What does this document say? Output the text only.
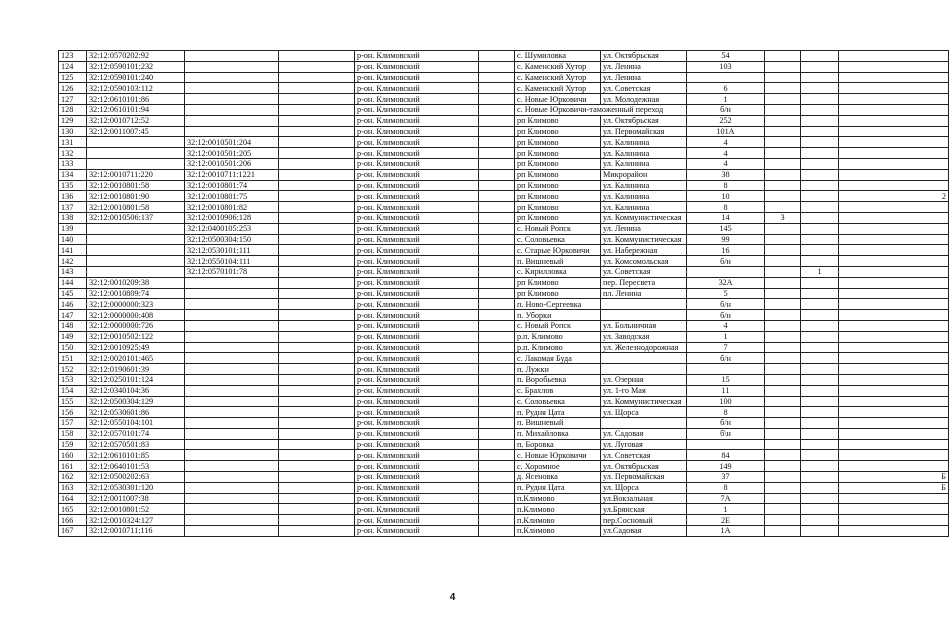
123	32:12:0570202:92			р-он. Климовский		с. Шумиловка	ул. Октябрьская	54			
124	32:12:0590101:232			р-он. Климовский		с. Каменский Хутор	ул. Ленина	103			
125	32:12:0590101:240			р-он. Климовский		с. Каменский Хутор	ул. Ленина				
126	32:12:0590103:112			р-он. Климовский		с. Каменский Хутор	ул. Советская	6			
127	32:12:0610101:86			р-он. Климовский		с. Новые Юрковичи	ул. Молодежная	1			
128	32:12:0610101:94			р-он. Климовский		с. Новые Юрковичи-таможенный переход		б/н			
129	32:12:0010712:52			р-он. Климовский		рп Климово	ул. Октябрьская	252			
130	32:12:0011007:45			р-он. Климовский		рп Климово	ул. Первомайская	101А			
131		32:12:0010501:204		р-он. Климовский		рп Климово	ул. Калинина	4			
132		32:12:0010501:205		р-он. Климовский		рп Климово	ул. Калинина	4			
133		32:12:0010501:206		р-он. Климовский		рп Климово	ул. Калинина	4			
134	32:12:0010711:220	32:12:0010711:1221		р-он. Климовский		рп Климово	Микрорайон	38			
135	32:12:0010801:58	32:12:0010801:74		р-он. Климовский		рп Климово	ул. Калинина	8			
136	32:12:0010801:90	32:12:0010801:75		р-он. Климовский		рп Климово	ул. Калинина	10			2
137	32:12:0010801:58	32:12:0010801:82		р-он. Климовский		рп Климово	ул. Калинина	8			
138	32:12:0010506:137	32:12:0010906:128		р-он. Климовский		рп Климово	ул. Коммунистическая	14	3		
139		32:12:0400105:253		р-он. Климовский		с. Новый Ропск	ул. Ленина	145			
140		32:12:0500304:150		р-он. Климовский		с. Соловьевка	ул. Коммунистическая	99			
141		32:12:0530101:111		р-он. Климовский		с. Старые Юрковичи	ул. Набережная	16			
142		32:12:0550104:111		р-он. Климовский		п. Вишневый	ул. Комсомольская	б/н			
143		32:12:0570101:78		р-он. Климовский		с. Кирилловка	ул. Советская			1	
144	32:12:0010209:38			р-он. Климовский		рп Климово	пер. Пересвета	32А			
145	32:12:0010809:74			р-он. Климовский		рп Климово	пл. Ленина	5			
146	32:12:0000000:323			р-он. Климовский		п. Ново-Сергеевка		б/н			
147	32:12:0000000:408			р-он. Климовский		п. Уборки		б/н			
148	32:12:0000000:726			р-он. Климовский		с. Новый Ропск	ул. Больничная	4			
149	32:12:0010502:122			р-он. Климовский		р.п. Климово	ул. Заводская	1			
150	32:12:0010925:49			р-он. Климовский		р.п. Климово	ул. Железнодорожная	7			
151	32:12:0020101:465			р-он. Климовский		с. Лакомая Буда		б/н			
152	32:12:0190601:39			р-он. Климовский		п. Лужки					
153	32:12:0250101:124			р-он. Климовский		п. Воробьевка	ул. Озерная	15			
154	32:12:0340104:36			р-он. Климовский		с. Брахлов	ул. 1-го Мая	11			
155	32:12:0500304:129			р-он. Климовский		с. Соловьевка	ул. Коммунистическая	100			
156	32:12:0530601:86			р-он. Климовский		п. Рудня Цата	ул. Щорса	8			
157	32:12:0550104:101			р-он. Климовский		п. Вишневый		б/н			
158	32:12:0570101:74			р-он. Климовский		п. Михайловка	ул. Садовая	б\н			
159	32:12:0570501:83			р-он. Климовский		п. Боровка	ул. Луговая				
160	32:12:0610101:85			р-он. Климовский		с. Новые Юрковичи	ул. Советская	84			
161	32:12:0640101:53			р-он. Климовский		с. Хоромное	ул. Октябрьская	149			
162	32:12:0500202:63			р-он. Климовский		д. Ясеновка	ул. Первомайская	37			Б
163	32:12:0530301:120			р-он. Климовский		п. Рудня Цата	ул. Щорса	8			Б
164	32:12:0011007:38			р-он. Климовский		п.Климово	ул.Вокзальная	7А			
165	32:12:0010801:52			р-он. Климовский		п.Климово	ул.Брянская	1			
166	32:12:0010324:127			р-он. Климовский		п.Климово	пер.Сосновый	2Е			
167	32:12:0010711:116			р-он. Климовский		п.Климово	ул.Садовая	1А			
4
